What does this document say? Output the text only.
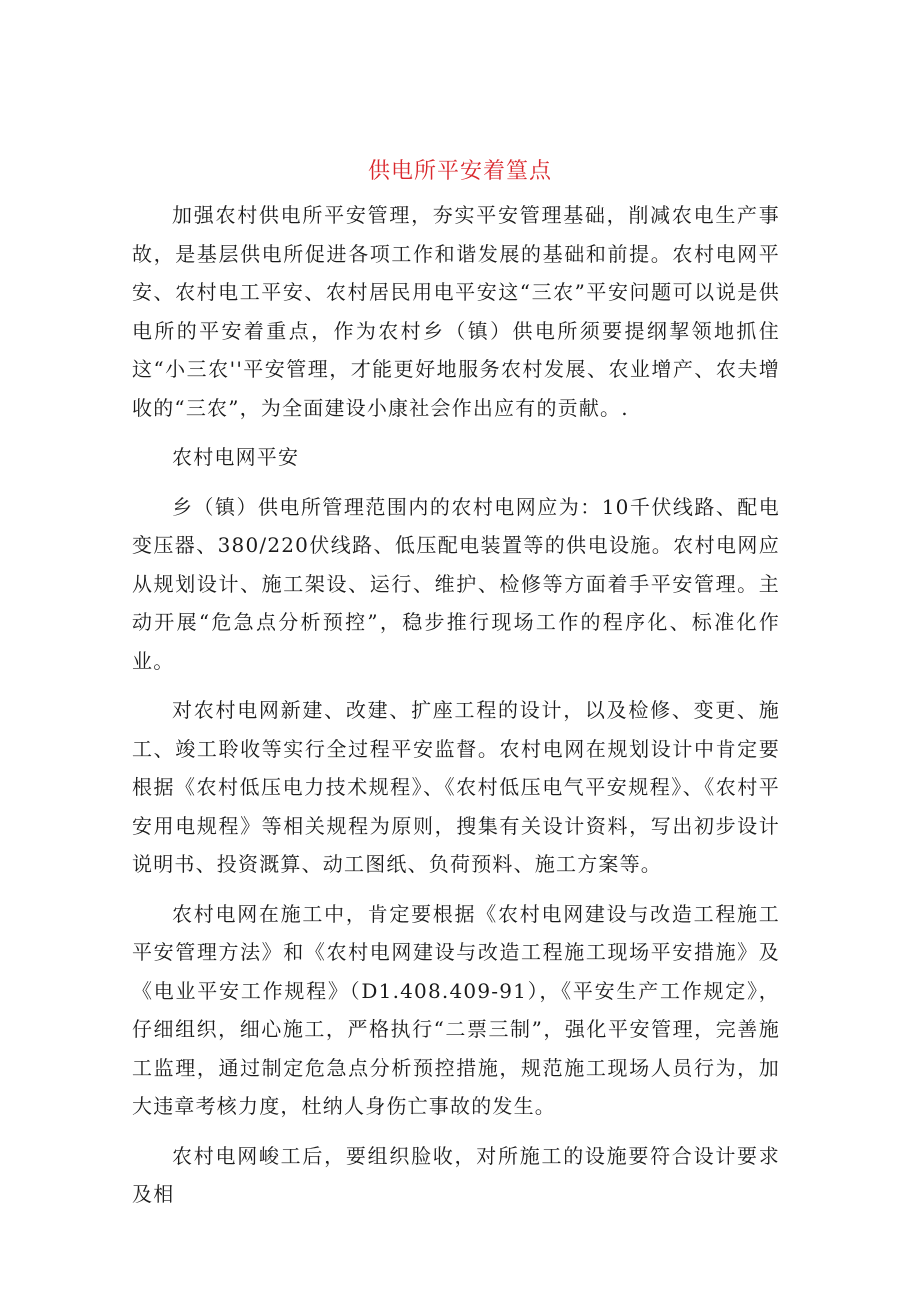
供电所平安着篁点

加强农村供电所平安管理，夯实平安管理基础，削减农电生产事故，是基层供电所促进各项工作和谐发展的基础和前提。农村电网平安、农村电工平安、农村居民用电平安这“三农”平安问题可以说是供电所的平安着重点，作为农村乡（镇）供电所须要提纲挈领地抓住这“小三农''平安管理，才能更好地服务农村发展、农业增产、农夫增收的“三农”，为全面建设小康社会作出应有的贡献。.

农村电网平安

乡（镇）供电所管理范围内的农村电网应为：10千伏线路、配电变压器、380/220伏线路、低压配电装置等的供电设施。农村电网应从规划设计、施工架设、运行、维护、检修等方面着手平安管理。主动开展“危急点分析预控”，稳步推行现场工作的程序化、标准化作业。

对农村电网新建、改建、扩座工程的设计，以及检修、变更、施工、竣工聆收等实行全过程平安监督。农村电网在规划设计中肯定要根据《农村低压电力技术规程》、《农村低压电气平安规程》、《农村平安用电规程》等相关规程为原则，搜集有关设计资料，写出初步设计说明书、投资溉算、动工图纸、负荷预料、施工方案等。

农村电网在施工中，肯定要根据《农村电网建设与改造工程施工平安管理方法》和《农村电网建设与改造工程施工现场平安措施》及《电业平安工作规程》（D1.408.409-91），《平安生产工作规定》，仔细组织，细心施工，严格执行“二票三制”，强化平安管理，完善施工监理，通过制定危急点分析预控措施，规范施工现场人员行为，加大违章考核力度，杜纳人身伤亡事故的发生。

农村电网峻工后，要组织脸收，对所施工的设施要符合设计要求及相
